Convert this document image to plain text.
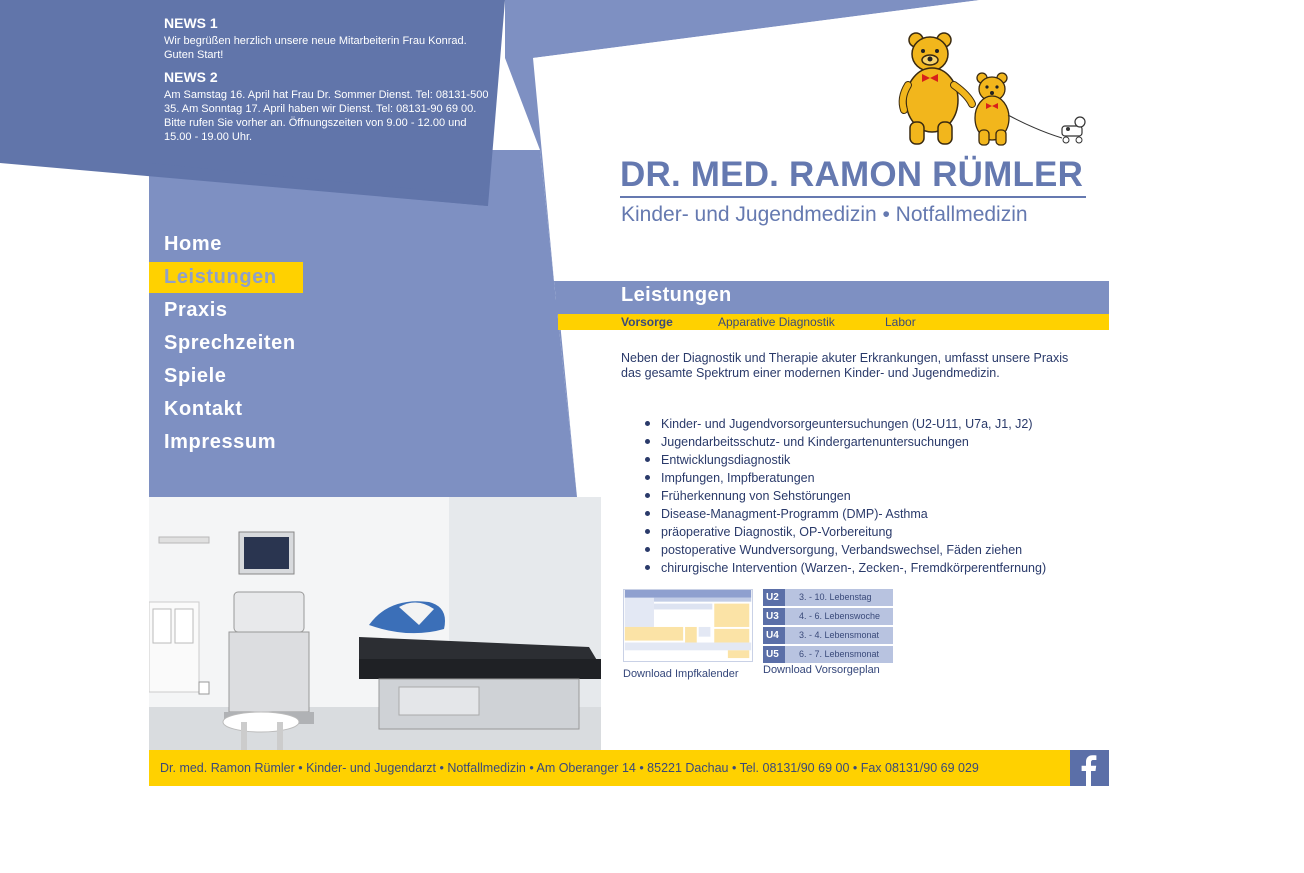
NEWS 1

Wir begrüßen herzlich unsere neue Mitarbeiterin Frau Konrad. Guten Start!

NEWS 2

Am Samstag 16. April hat Frau Dr. Sommer Dienst. Tel: 08131-500 35. Am Sonntag 17. April haben wir Dienst. Tel: 08131-90 69 00. Bitte rufen Sie vorher an. Öffnungszeiten von 9.00 - 12.00 und 15.00 - 19.00 Uhr.

DR. MED. RAMON RÜMLER
Kinder- und Jugendmedizin • Notfallmedizin
Home
Leistungen
Praxis
Sprechzeiten
Spiele
Kontakt
Impressum
Leistungen
Vorsorge	Apparative Diagnostik	Labor

Neben der Diagnostik und Therapie akuter Erkrankungen, umfasst unsere Praxis das gesamte Spektrum einer modernen Kinder- und Jugendmedizin.

Kinder- und Jugendvorsorgeuntersuchungen (U2-U11, U7a, J1, J2)
Jugendarbeitsschutz- und Kindergartenuntersuchungen
Entwicklungsdiagnostik
Impfungen, Impfberatungen
Früherkennung von Sehstörungen
Disease-Managment-Programm (DMP)- Asthma
präoperative Diagnostik, OP-Vorbereitung
postoperative Wundversorgung, Verbandswechsel, Fäden ziehen
chirurgische Intervention (Warzen-, Zecken-, Fremdkörperentfernung)
Download Impfkalender
U2	3. - 10. Lebenstag
U3	4. - 6. Lebenswoche
U4	3. - 4. Lebensmonat
U5	6. - 7. Lebensmonat
Download Vorsorgeplan
Dr. med. Ramon Rümler • Kinder- und Jugendarzt • Notfallmedizin • Am Oberanger 14 • 85221 Dachau • Tel. 08131/90 69 00 • Fax 08131/90 69 029
